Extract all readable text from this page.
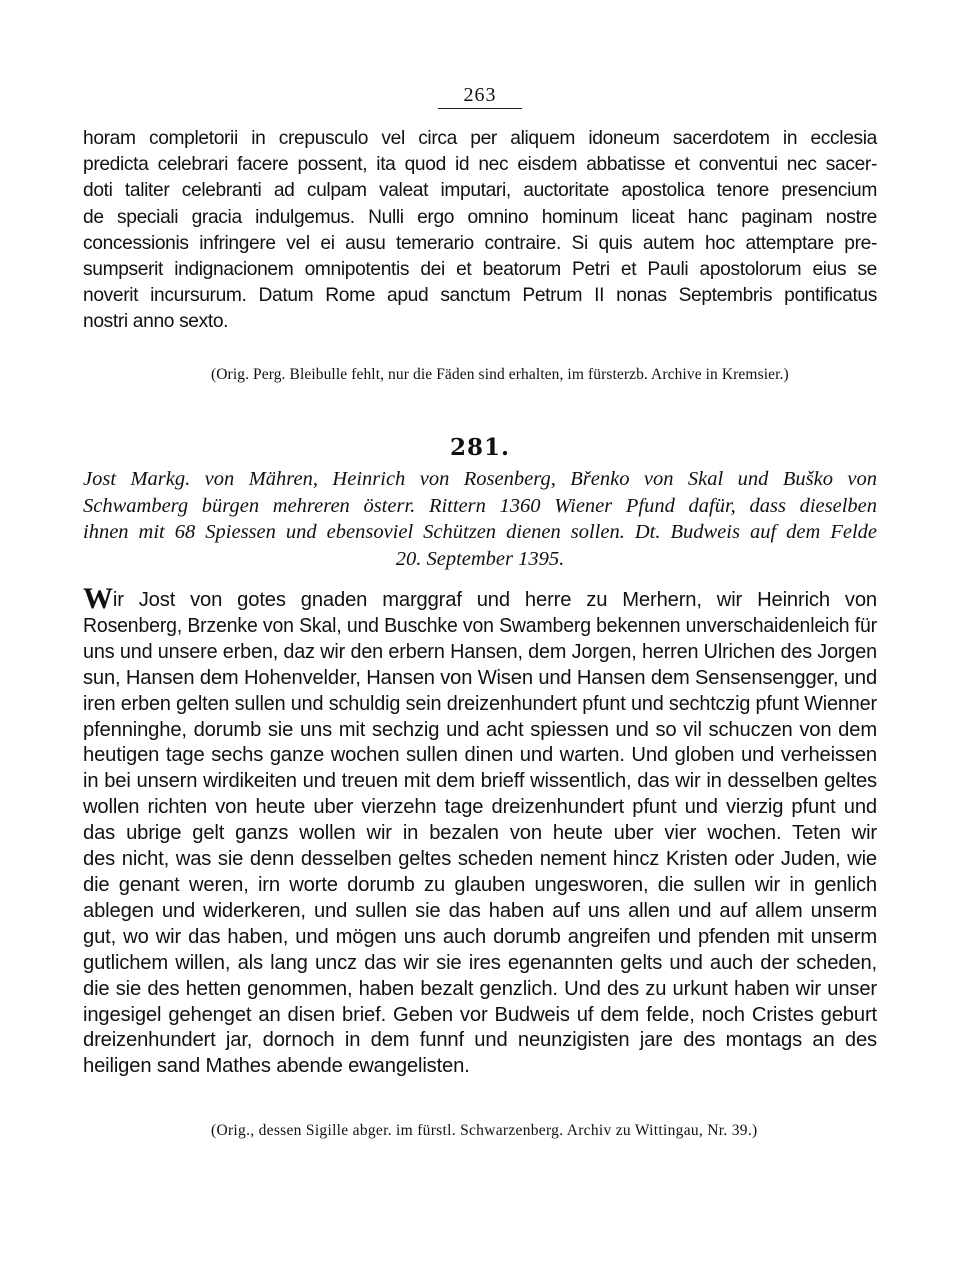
263
horam completorii in crepusculo vel circa per aliquem idoneum sacerdotem in ecclesia
predicta celebrari facere possent, ita quod id nec eisdem abbatisse et conventui nec sacer-
doti taliter celebranti ad culpam valeat imputari, auctoritate apostolica tenore presencium
de speciali gracia indulgemus. Nulli ergo omnino hominum liceat hanc paginam nostre
concessionis infringere vel ei ausu temerario contraire. Si quis autem hoc attemptare pre-
sumpserit indignacionem omnipotentis dei et beatorum Petri et Pauli apostolorum eius se
noverit incursurum. Datum Rome apud sanctum Petrum II nonas Septembris pontificatus
nostri anno sexto.
(Orig. Perg. Bleibulle fehlt, nur die Fäden sind erhalten, im fürsterzb. Archive in Kremsier.)
281.
Jost Markg. von Mähren, Heinrich von Rosenberg, Břenko von Skal und Buško von
Schwamberg bürgen mehreren österr. Rittern 1360 Wiener Pfund dafür, dass dieselben
ihnen mit 68 Spiessen und ebensoviel Schützen dienen sollen. Dt. Budweis auf dem Felde
20. September 1395.
Wir Jost von gotes gnaden marggraf und herre zu Merhern, wir Heinrich von
Rosenberg, Brzenke von Skal, und Buschke von Swamberg bekennen unverschaidenleich für
uns und unsere erben, daz wir den erbern Hansen, dem Jorgen, herren Ulrichen des Jorgen
sun, Hansen dem Hohenvelder, Hansen von Wisen und Hansen dem Sensensengger, und
iren erben gelten sullen und schuldig sein dreizenhundert pfunt und sechtczig pfunt Wienner
pfenninghe, dorumb sie uns mit sechzig und acht spiessen und so vil schuczen von dem
heutigen tage sechs ganze wochen sullen dinen und warten. Und globen und verheissen
in bei unsern wirdikeiten und treuen mit dem brieff wissentlich, das wir in desselben geltes
wollen richten von heute uber vierzehn tage dreizenhundert pfunt und vierzig pfunt und
das ubrige gelt ganzs wollen wir in bezalen von heute uber vier wochen. Teten wir
des nicht, was sie denn desselben geltes scheden nement hincz Kristen oder Juden, wie
die genant weren, irn worte dorumb zu glauben ungesworen, die sullen wir in genlich
ablegen und widerkeren, und sullen sie das haben auf uns allen und auf allem unserm
gut, wo wir das haben, und mögen uns auch dorumb angreifen und pfenden mit unserm
gutlichem willen, als lang uncz das wir sie ires egenannten gelts und auch der scheden,
die sie des hetten genommen, haben bezalt genzlich. Und des zu urkunt haben wir unser
ingesigel gehenget an disen brief. Geben vor Budweis uf dem felde, noch Cristes geburt
dreizenhundert jar, dornoch in dem funnf und neunzigisten jare des montags an des
heiligen sand Mathes abende ewangelisten.
(Orig., dessen Sigille abger. im fürstl. Schwarzenberg. Archiv zu Wittingau, Nr. 39.)
